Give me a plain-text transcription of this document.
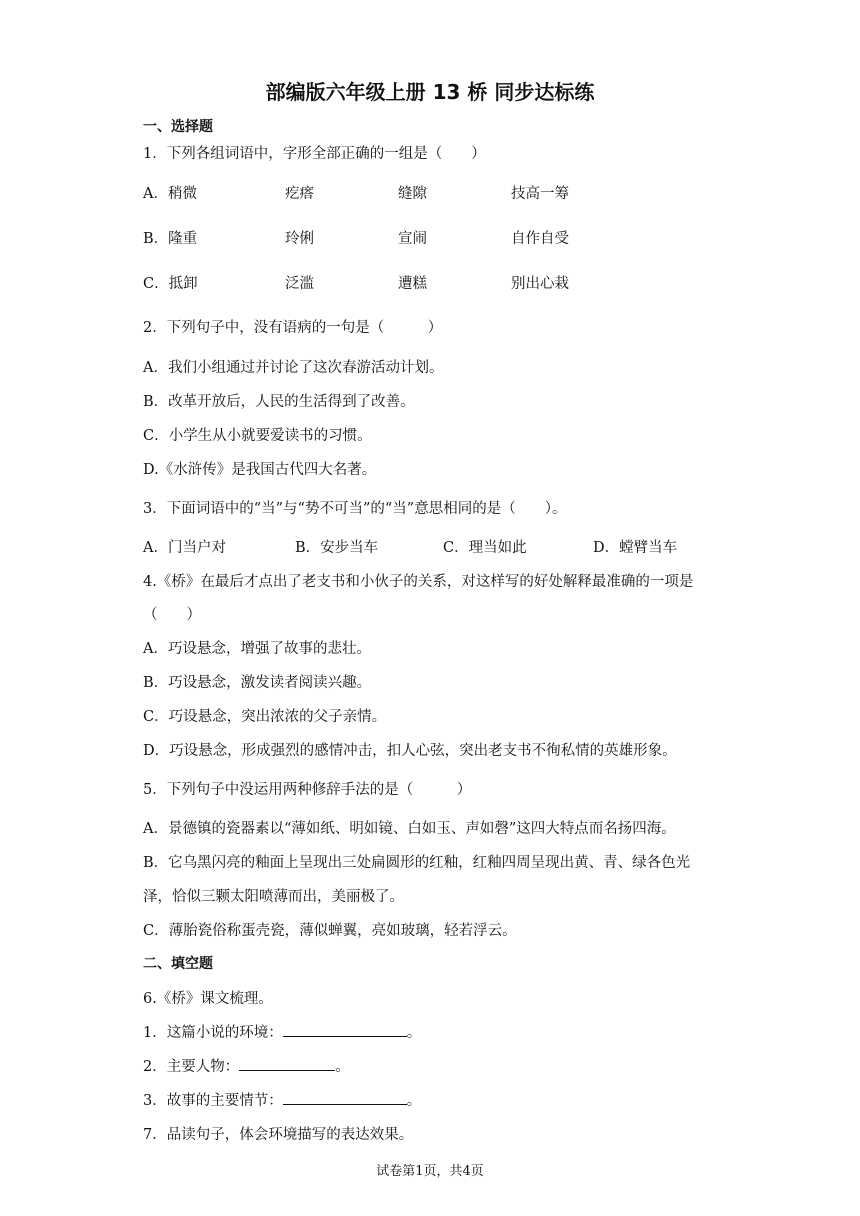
部编版六年级上册 13 桥 同步达标练
一、选择题
1．下列各组词语中，字形全部正确的一组是（　　）
A．稍微	疙瘩	缝隙	技高一筹
B．隆重	玲俐	宣闹	自作自受
C．抵卸	泛滥	遭糕	别出心栽
2．下列句子中，没有语病的一句是（　　　）
A．我们小组通过并讨论了这次春游活动计划。
B．改革开放后，人民的生活得到了改善。
C．小学生从小就要爱读书的习惯。
D.《水浒传》是我国古代四大名著。
3．下面词语中的“当”与“势不可当”的“当”意思相同的是（　　）。
A．门当户对	B．安步当车	C．理当如此	D．螳臂当车
4.《桥》在最后才点出了老支书和小伙子的关系，对这样写的好处解释最准确的一项是
（　　）
A．巧设悬念，增强了故事的悲壮。
B．巧设悬念，激发读者阅读兴趣。
C．巧设悬念，突出浓浓的父子亲情。
D．巧设悬念，形成强烈的感情冲击，扣人心弦，突出老支书不徇私情的英雄形象。
5．下列句子中没运用两种修辞手法的是（　　　）
A．景德镇的瓷器素以“薄如纸、明如镜、白如玉、声如磬”这四大特点而名扬四海。
B．它乌黑闪亮的釉面上呈现出三处扁圆形的红釉，红釉四周呈现出黄、青、绿各色光
泽，恰似三颗太阳喷薄而出，美丽极了。
C．薄胎瓷俗称蛋壳瓷，薄似蝉翼，亮如玻璃，轻若浮云。
二、填空题
6.《桥》课文梳理。
1．这篇小说的环境：	。
2．主要人物：	。
3．故事的主要情节：	。
7．品读句子，体会环境描写的表达效果。
试卷第1页，共4页
